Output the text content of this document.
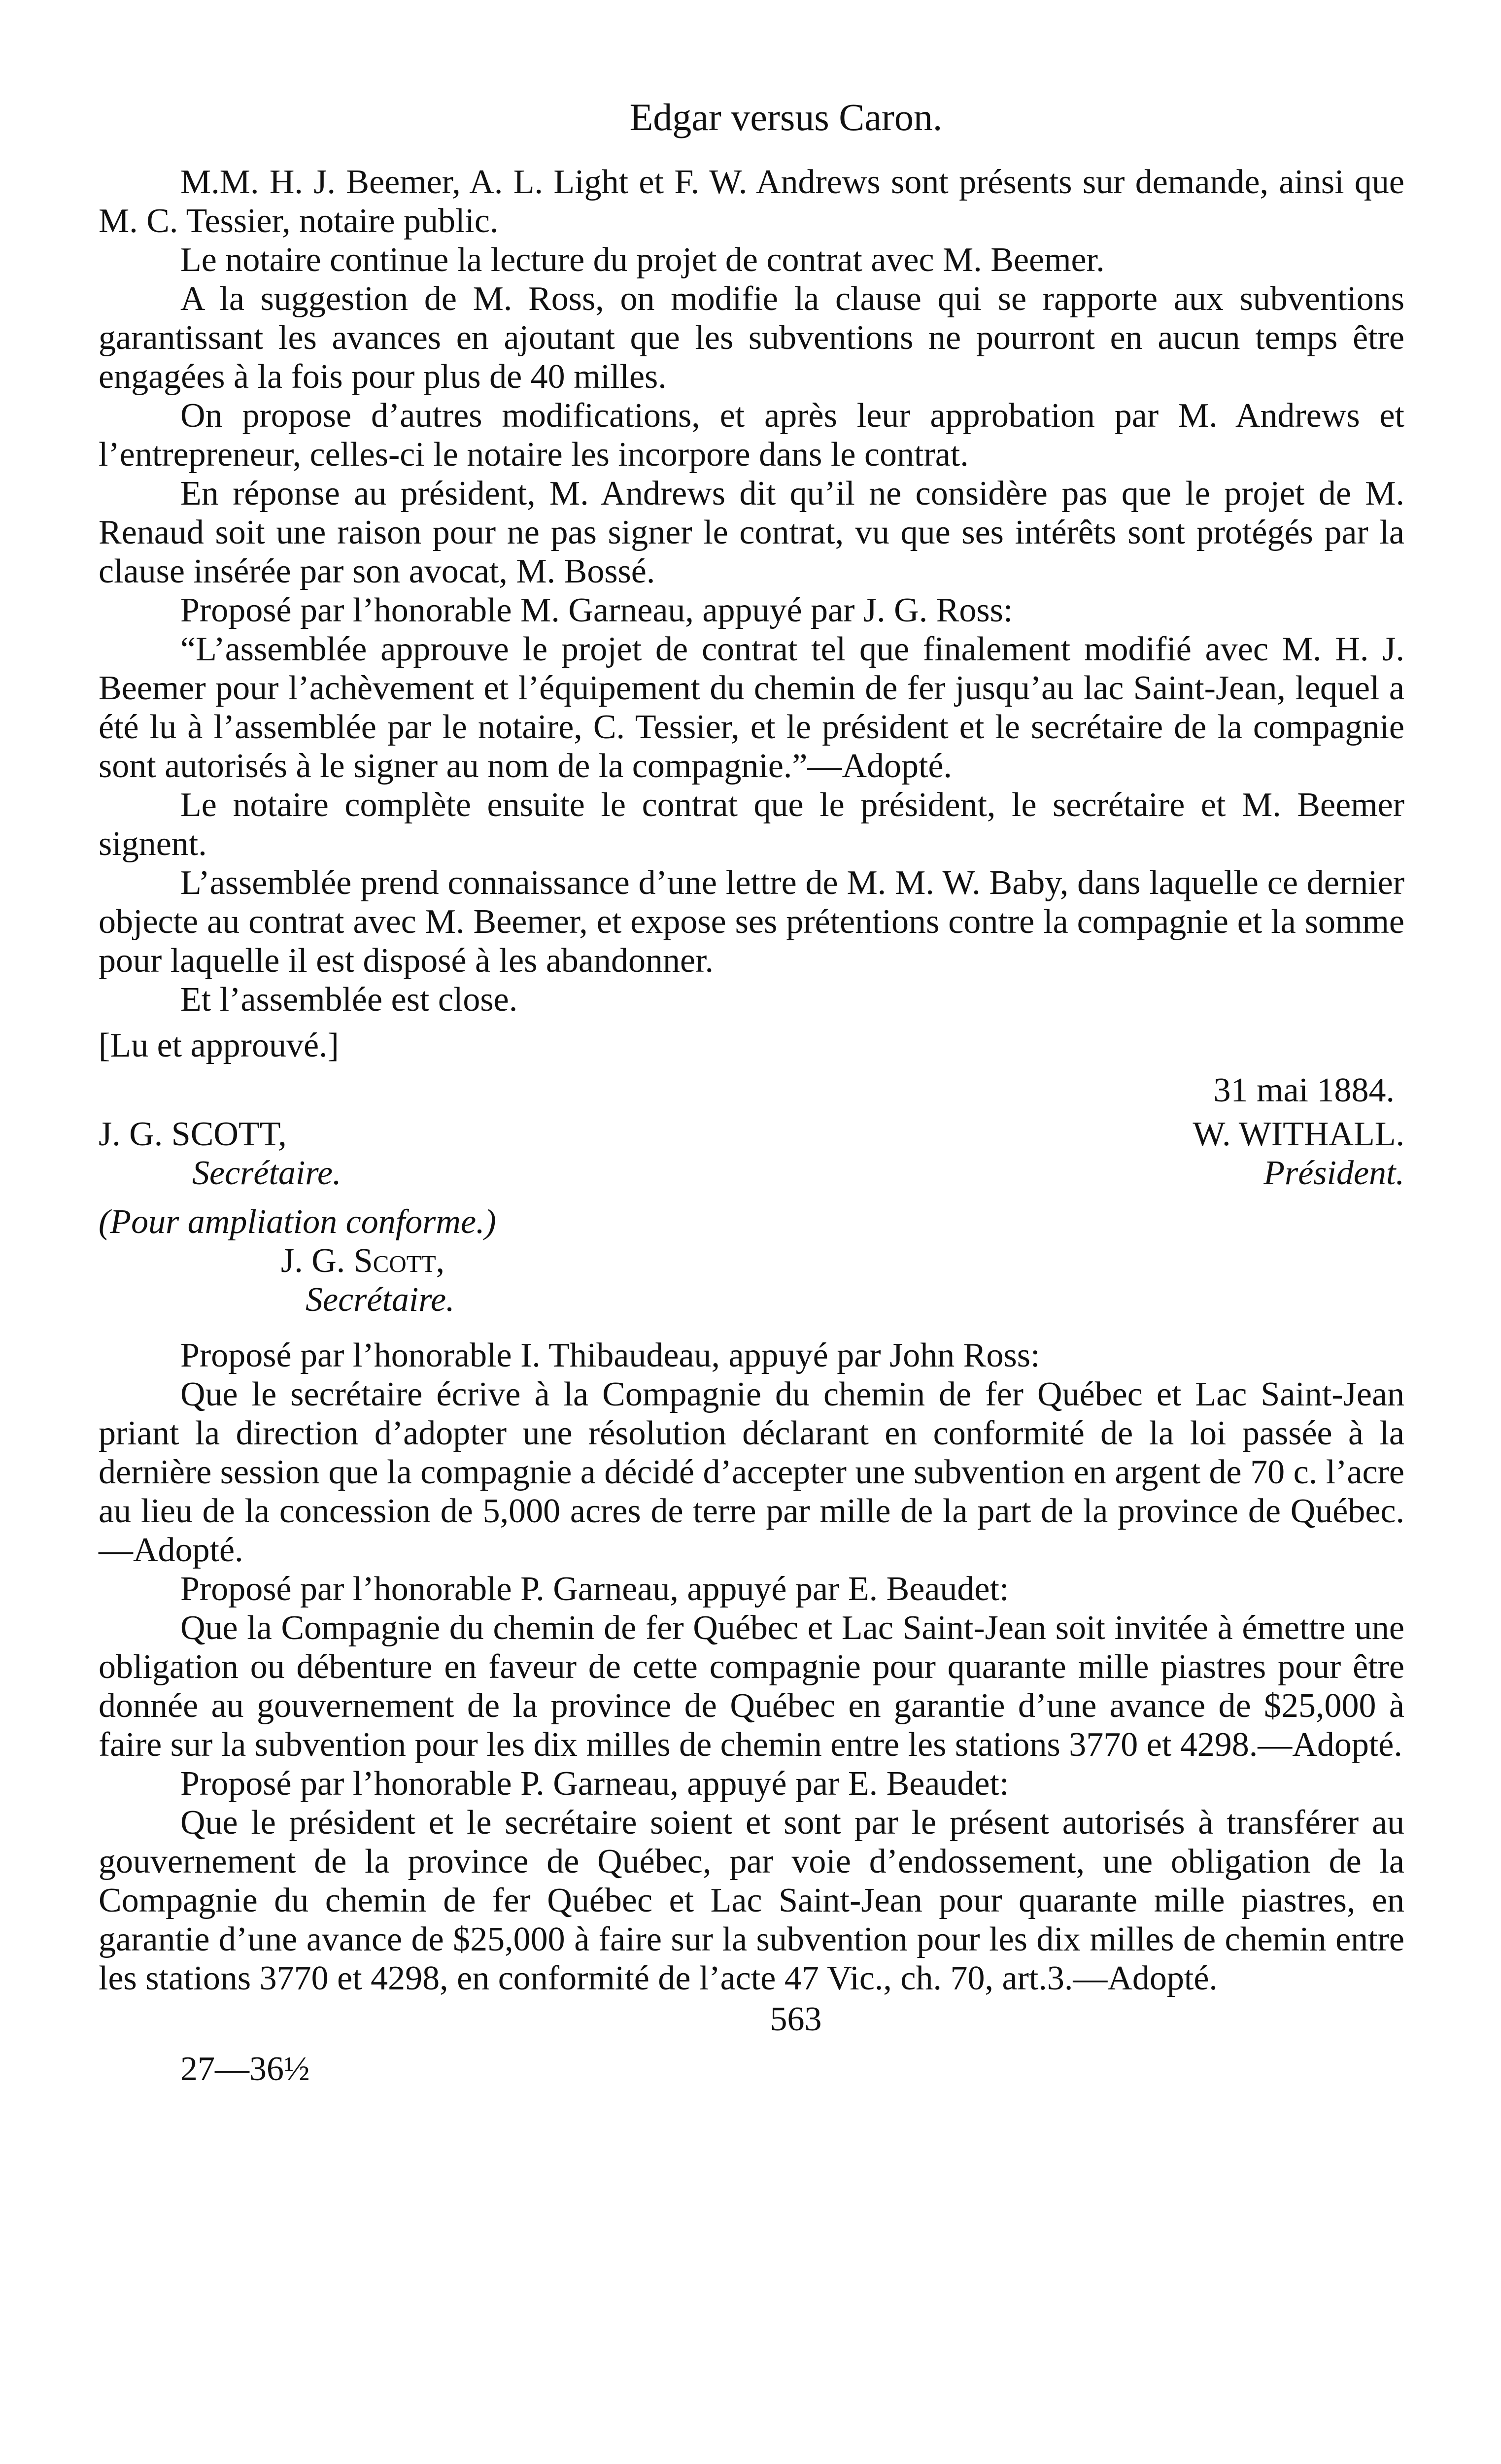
Edgar versus Caron.

M.M. H. J. Beemer, A. L. Light et F. W. Andrews sont présents sur demande, ainsi que M. C. Tessier, notaire public.

Le notaire continue la lecture du projet de contrat avec M. Beemer.

A la suggestion de M. Ross, on modifie la clause qui se rapporte aux subventions garantissant les avances en ajoutant que les subventions ne pourront en aucun temps être engagées à la fois pour plus de 40 milles.

On propose d’autres modifications, et après leur approbation par M. Andrews et l’entrepreneur, celles-ci le notaire les incorpore dans le contrat.

En réponse au président, M. Andrews dit qu’il ne considère pas que le projet de M. Renaud soit une raison pour ne pas signer le contrat, vu que ses intérêts sont protégés par la clause insérée par son avocat, M. Bossé.

Proposé par l’honorable M. Garneau, appuyé par J. G. Ross:

“L’assemblée approuve le projet de contrat tel que finalement modifié avec M. H. J. Beemer pour l’achèvement et l’équipement du chemin de fer jusqu’au lac Saint-Jean, lequel a été lu à l’assemblée par le notaire, C. Tessier, et le président et le secrétaire de la compagnie sont autorisés à le signer au nom de la compagnie.”—Adopté.

Le notaire complète ensuite le contrat que le président, le secrétaire et M. Beemer signent.

L’assemblée prend connaissance d’une lettre de M. M. W. Baby, dans laquelle ce dernier objecte au contrat avec M. Beemer, et expose ses prétentions contre la compagnie et la somme pour laquelle il est disposé à les abandonner.

Et l’assemblée est close.

[Lu et approuvé.]
31 mai 1884.
J. G. SCOTT,
Secrétaire.
W. WITHALL.
Président.
(Pour ampliation conforme.)
J. G. Scott,
Secrétaire.

Proposé par l’honorable I. Thibaudeau, appuyé par John Ross:

Que le secrétaire écrive à la Compagnie du chemin de fer Québec et Lac Saint-Jean priant la direction d’adopter une résolution déclarant en conformité de la loi passée à la dernière session que la compagnie a décidé d’accepter une subvention en argent de 70 c. l’acre au lieu de la concession de 5,000 acres de terre par mille de la part de la province de Québec.—Adopté.

Proposé par l’honorable P. Garneau, appuyé par E. Beaudet:

Que la Compagnie du chemin de fer Québec et Lac Saint-Jean soit invitée à émettre une obligation ou débenture en faveur de cette compagnie pour quarante mille piastres pour être donnée au gouvernement de la province de Québec en garantie d’une avance de $25,000 à faire sur la subvention pour les dix milles de chemin entre les stations 3770 et 4298.—Adopté.

Proposé par l’honorable P. Garneau, appuyé par E. Beaudet:

Que le président et le secrétaire soient et sont par le présent autorisés à transférer au gouvernement de la province de Québec, par voie d’endossement, une obligation de la Compagnie du chemin de fer Québec et Lac Saint-Jean pour quarante mille piastres, en garantie d’une avance de $25,000 à faire sur la subvention pour les dix milles de chemin entre les stations 3770 et 4298, en conformité de l’acte 47 Vic., ch. 70, art.3.—Adopté.

563
27—36½
